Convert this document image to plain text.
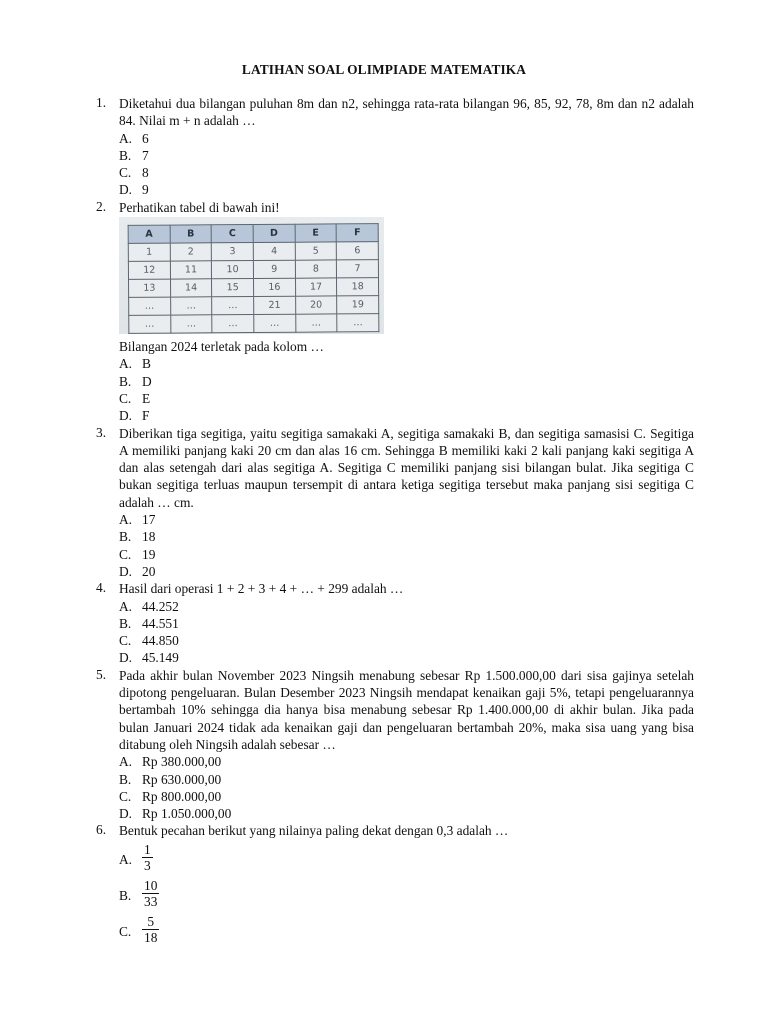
LATIHAN SOAL OLIMPIADE MATEMATIKA
1. Diketahui dua bilangan puluhan 8m dan n2, sehingga rata-rata bilangan 96, 85, 92, 78, 8m dan n2 adalah 84. Nilai m + n adalah …
A. 6
B. 7
C. 8
D. 9
2. Perhatikan tabel di bawah ini!
A	B	C	D	E	F
1	2	3	4	5	6
12	11	10	9	8	7
13	14	15	16	17	18
…	…	…	21	20	19
…	…	…	…	…	…
Bilangan 2024 terletak pada kolom …
A. B
B. D
C. E
D. F
3. Diberikan tiga segitiga, yaitu segitiga samakaki A, segitiga samakaki B, dan segitiga samasisi C. Segitiga A memiliki panjang kaki 20 cm dan alas 16 cm. Sehingga B memiliki kaki 2 kali panjang kaki segitiga A dan alas setengah dari alas segitiga A. Segitiga C memiliki panjang sisi bilangan bulat. Jika segitiga C bukan segitiga terluas maupun tersempit di antara ketiga segitiga tersebut maka panjang sisi segitiga C adalah … cm.
A. 17
B. 18
C. 19
D. 20
4. Hasil dari operasi 1 + 2 + 3 + 4 + … + 299 adalah …
A. 44.252
B. 44.551
C. 44.850
D. 45.149
5. Pada akhir bulan November 2023 Ningsih menabung sebesar Rp 1.500.000,00 dari sisa gajinya setelah dipotong pengeluaran. Bulan Desember 2023 Ningsih mendapat kenaikan gaji 5%, tetapi pengeluarannya bertambah 10% sehingga dia hanya bisa menabung sebesar Rp 1.400.000,00 di akhir bulan. Jika pada bulan Januari 2024 tidak ada kenaikan gaji dan pengeluaran bertambah 20%, maka sisa uang yang bisa ditabung oleh Ningsih adalah sebesar …
A. Rp 380.000,00
B. Rp 630.000,00
C. Rp 800.000,00
D. Rp 1.050.000,00
6. Bentuk pecahan berikut yang nilainya paling dekat dengan 0,3 adalah …
A. $\frac{1}{3}$
B. $\frac{10}{33}$
C. $\frac{5}{18}$
